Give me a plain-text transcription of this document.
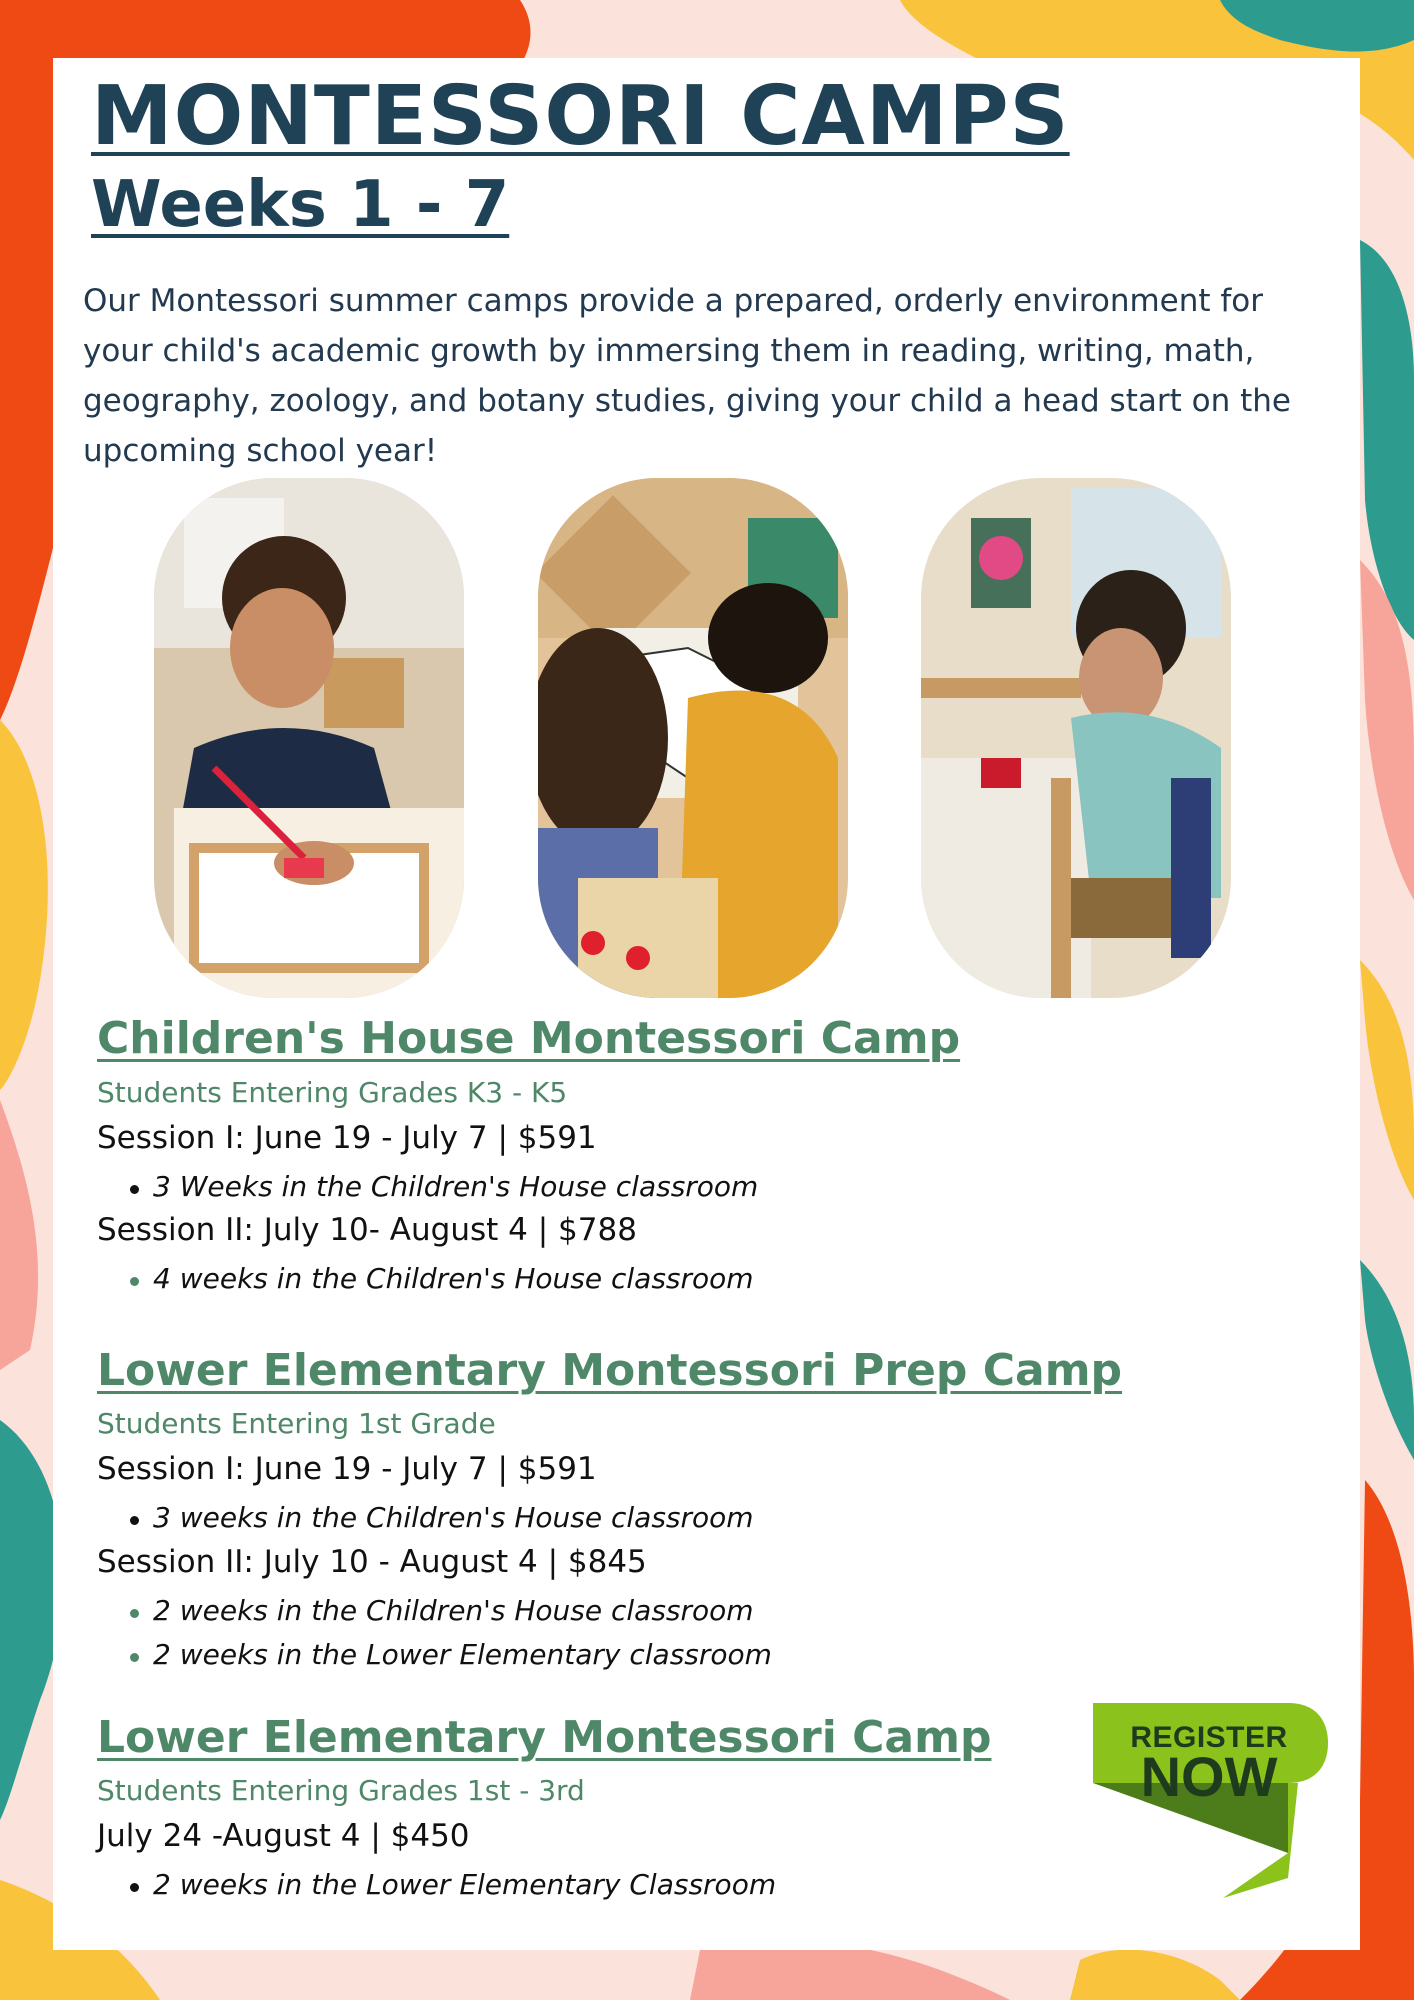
MONTESSORI CAMPS
Weeks 1 - 7

Our Montessori summer camps provide a prepared, orderly environment for your child's academic growth by immersing them in reading, writing, math, geography, zoology, and botany studies, giving your child a head start on the upcoming school year!

Children's House Montessori Camp

Students Entering Grades K3 - K5

Session I: June 19 - July 7 | $591

3 Weeks in the Children's House classroom

Session II: July 10- August 4 | $788

4 weeks in the Children's House classroom

Lower Elementary Montessori Prep Camp

Students Entering 1st Grade

Session I: June 19 - July 7 | $591

3 weeks in the Children's House classroom

Session II: July 10 - August 4 | $845

2 weeks in the Children's House classroom

2 weeks in the Lower Elementary classroom

Lower Elementary Montessori Camp

Students Entering Grades 1st - 3rd

July 24 -August 4 | $450

2 weeks in the Lower Elementary Classroom

REGISTER
NOW
